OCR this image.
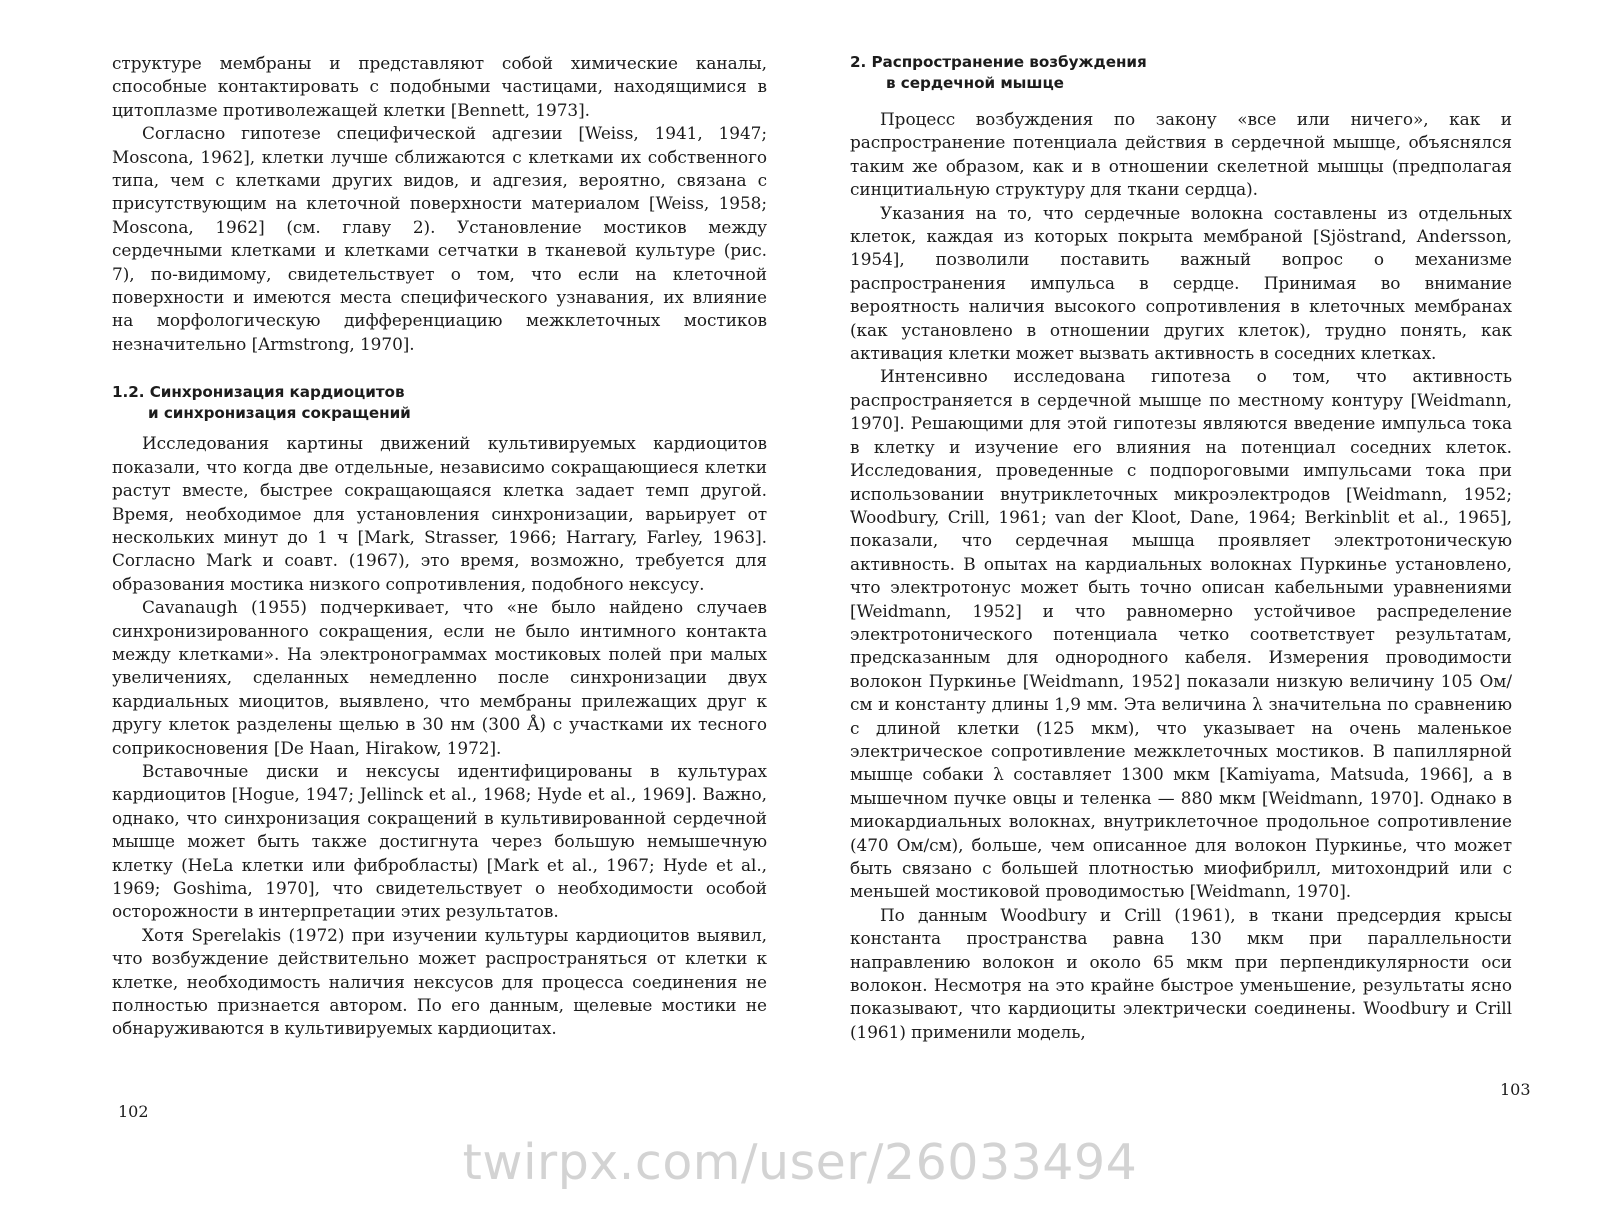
структуре мембраны и представляют собой химические каналы, способные контактировать с подобными частицами, находящимися в цитоплазме противолежащей клетки [Bennett, 1973].

Согласно гипотезе специфической адгезии [Weiss, 1941, 1947; Moscona, 1962], клетки лучше сближаются с клетками их собственного типа, чем с клетками других видов, и адгезия, вероятно, связана с присутствующим на клеточной поверхности материалом [Weiss, 1958; Moscona, 1962] (см. главу 2). Установление мостиков между сердечными клетками и клетками сетчатки в тканевой культуре (рис. 7), по-видимому, свидетельствует о том, что если на клеточной поверхности и имеются места специфического узнавания, их влияние на морфологическую дифференциацию межклеточных мостиков незначительно [Armstrong, 1970].

1.2. Синхронизация кардиоцитов
и синхронизация сокращений

Исследования картины движений культивируемых кардиоцитов показали, что когда две отдельные, независимо сокращающиеся клетки растут вместе, быстрее сокращающаяся клетка задает темп другой. Время, необходимое для установления синхронизации, варьирует от нескольких минут до 1 ч [Mark, Strasser, 1966; Harrary, Farley, 1963]. Согласно Mark и соавт. (1967), это время, возможно, требуется для образования мостика низкого сопротивления, подобного нексусу.

Cavanaugh (1955) подчеркивает, что «не было найдено случаев синхронизированного сокращения, если не было интимного контакта между клетками». На электронограммах мостиковых полей при малых увеличениях, сделанных немедленно после синхронизации двух кардиальных миоцитов, выявлено, что мембраны прилежащих друг к другу клеток разделены щелью в 30 нм (300 Å) с участками их тесного соприкосновения [De Haan, Hirakow, 1972].

Вставочные диски и нексусы идентифицированы в культурах кардиоцитов [Hogue, 1947; Jellinck et al., 1968; Hyde et al., 1969]. Важно, однако, что синхронизация сокращений в культивированной сердечной мышце может быть также достигнута через большую немышечную клетку (HeLa клетки или фибробласты) [Mark et al., 1967; Hyde et al., 1969; Goshima, 1970], что свидетельствует о необходимости особой осторожности в интерпретации этих результатов.

Хотя Sperelakis (1972) при изучении культуры кардиоцитов выявил, что возбуждение действительно может распространяться от клетки к клетке, необходимость наличия нексусов для процесса соединения не полностью признается автором. По его данным, щелевые мостики не обнаруживаются в культивируемых кардиоцитах.

102
2. Распространение возбуждения
в сердечной мышце

Процесс возбуждения по закону «все или ничего», как и распространение потенциала действия в сердечной мышце, объяснялся таким же образом, как и в отношении скелетной мышцы (предполагая синцитиальную структуру для ткани сердца).

Указания на то, что сердечные волокна составлены из отдельных клеток, каждая из которых покрыта мембраной [Sjöstrand, Andersson, 1954], позволили поставить важный вопрос о механизме распространения импульса в сердце. Принимая во внимание вероятность наличия высокого сопротивления в клеточных мембранах (как установлено в отношении других клеток), трудно понять, как активация клетки может вызвать активность в соседних клетках.

Интенсивно исследована гипотеза о том, что активность распространяется в сердечной мышце по местному контуру [Weidmann, 1970]. Решающими для этой гипотезы являются введение импульса тока в клетку и изучение его влияния на потенциал соседних клеток. Исследования, проведенные с подпороговыми импульсами тока при использовании внутриклеточных микроэлектродов [Weidmann, 1952; Woodbury, Crill, 1961; van der Kloot, Dane, 1964; Berkinblit et al., 1965], показали, что сердечная мышца проявляет электротоническую активность. В опытах на кардиальных волокнах Пуркинье установлено, что электротонус может быть точно описан кабельными уравнениями [Weidmann, 1952] и что равномерно устойчивое распределение электротонического потенциала четко соответствует результатам, предсказанным для однородного кабеля. Измерения проводимости волокон Пуркинье [Weidmann, 1952] показали низкую величину 105 Ом/см и константу длины 1,9 мм. Эта величина λ значительна по сравнению с длиной клетки (125 мкм), что указывает на очень маленькое электрическое сопротивление межклеточных мостиков. В папиллярной мышце собаки λ составляет 1300 мкм [Kamiyama, Matsuda, 1966], а в мышечном пучке овцы и теленка — 880 мкм [Weidmann, 1970]. Однако в миокардиальных волокнах, внутриклеточное продольное сопротивление (470 Ом/см), больше, чем описанное для волокон Пуркинье, что может быть связано с большей плотностью миофибрилл, митохондрий или с меньшей мостиковой проводимостью [Weidmann, 1970].

По данным Woodbury и Crill (1961), в ткани предсердия крысы константа пространства равна 130 мкм при параллельности направлению волокон и около 65 мкм при перпендикулярности оси волокон. Несмотря на это крайне быстрое уменьшение, результаты ясно показывают, что кардиоциты электрически соединены. Woodbury и Crill (1961) применили модель,

103
twirpx.com/user/26033494
